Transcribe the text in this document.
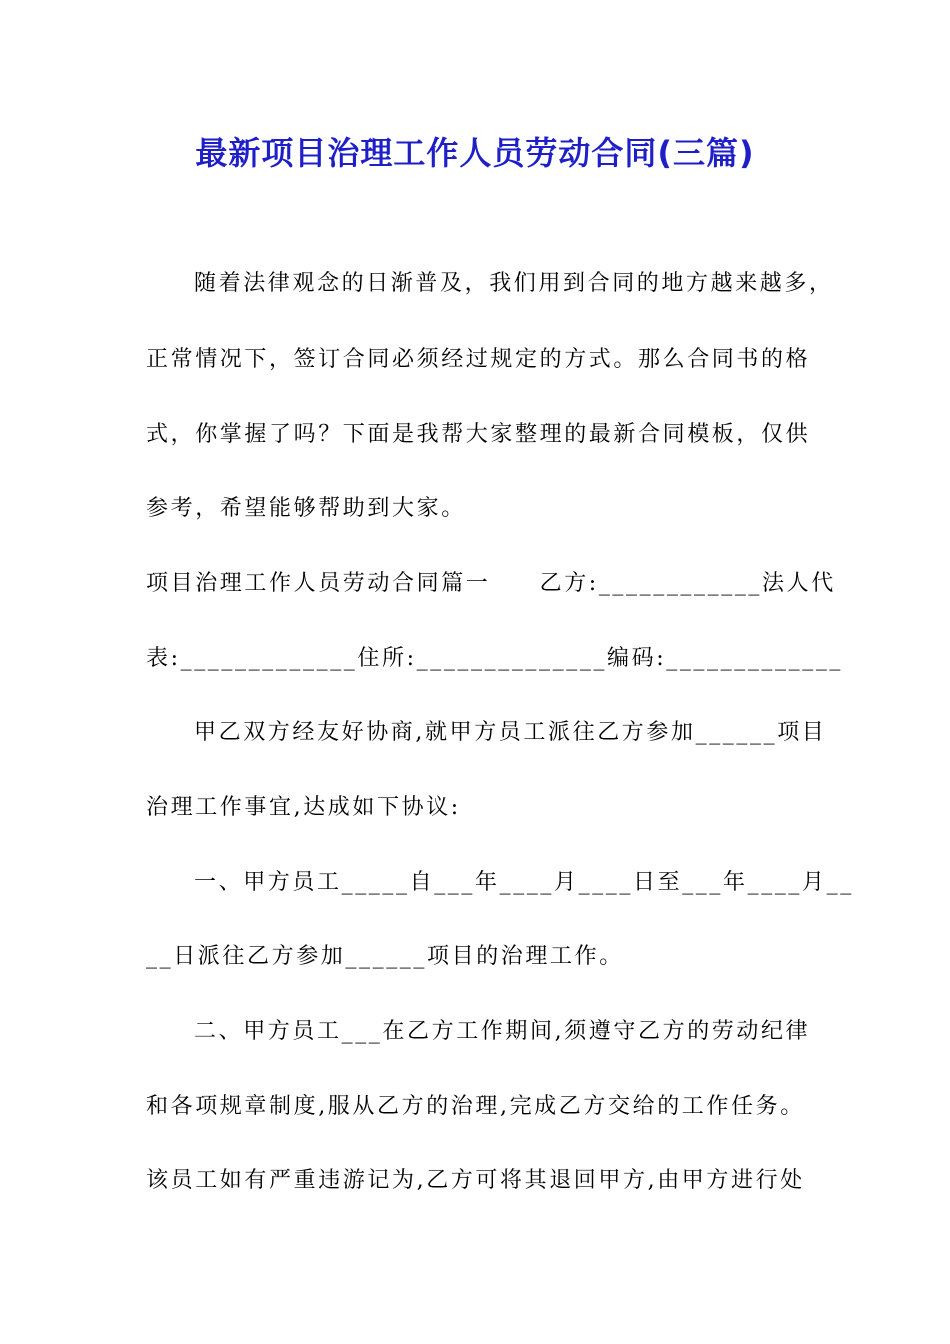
最新项目治理工作人员劳动合同(三篇)

随着法律观念的日渐普及，我们用到合同的地方越来越多，

正常情况下，签订合同必须经过规定的方式。那么合同书的格

式，你掌握了吗？下面是我帮大家整理的最新合同模板，仅供

参考，希望能够帮助到大家。

项目治理工作人员劳动合同篇一　　乙方:____________法人代

表:_____________住所:______________编码:_____________

甲乙双方经友好协商,就甲方员工派往乙方参加______项目

治理工作事宜,达成如下协议:

一、甲方员工_____自___年____月____日至___年____月__

__日派往乙方参加______项目的治理工作。

二、甲方员工___在乙方工作期间,须遵守乙方的劳动纪律

和各项规章制度,服从乙方的治理,完成乙方交给的工作任务。

该员工如有严重违游记为,乙方可将其退回甲方,由甲方进行处
